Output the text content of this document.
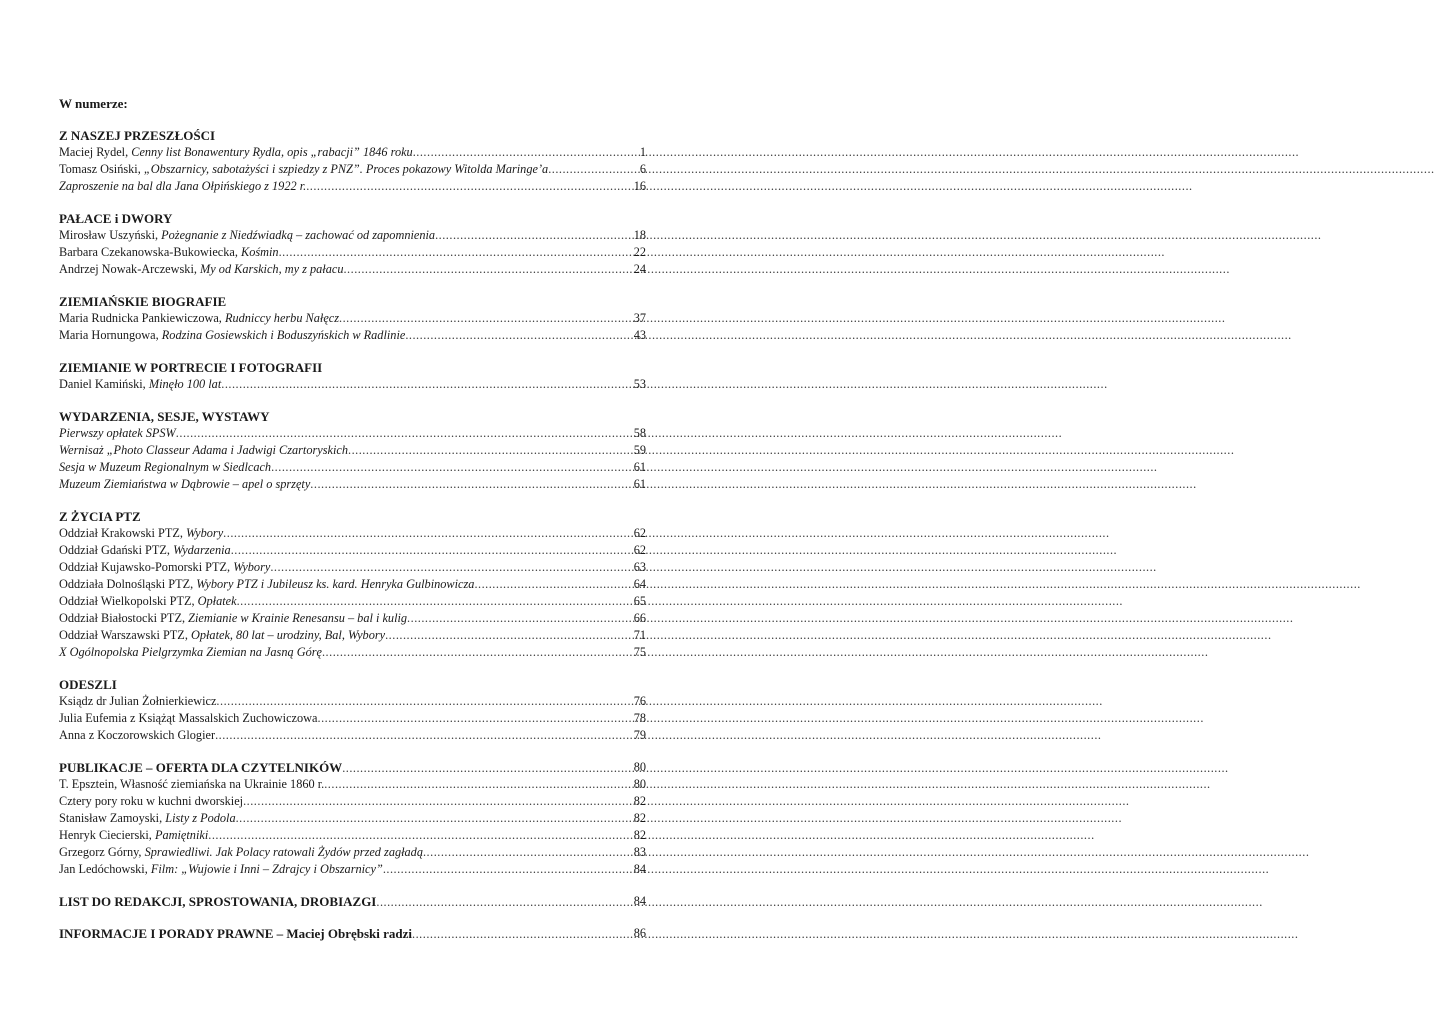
W numerze:
Z NASZEJ PRZESZŁOŚCI
Maciej Rydel, Cenny list Bonawentury Rydla, opis „rabacji” 1846 roku .....	1
Tomasz Osiński, „Obszarnicy, sabotażyści i szpiedzy z PNZ”. Proces pokazowy Witolda Maringe’a .....	6
Zaproszenie na bal dla Jana Ołpińskiego z 1922 r. .....	16
PAŁACE i DWORY
Mirosław Uszyński, Pożegnanie z Niedźwiadką – zachować od zapomnienia .....	18
Barbara Czekanowska-Bukowiecka, Kośmin .....	22
Andrzej Nowak-Arczewski, My od Karskich, my z pałacu .....	24
ZIEMIAŃSKIE BIOGRAFIE
Maria Rudnicka Pankiewiczowa, Rudniccy herbu Nałęcz .....	37
Maria Hornungowa, Rodzina Gosiewskich i Boduszyńskich w Radlinie .....	43
ZIEMIANIE W PORTRECIE I FOTOGRAFII
Daniel Kamiński, Minęło 100 lat .....	53
WYDARZENIA, SESJE, WYSTAWY
Pierwszy opłatek SPSW .....	58
Wernisaż „Photo Classeur Adama i Jadwigi Czartoryskich .....	59
Sesja w Muzeum Regionalnym w Siedlcach .....	61
Muzeum Ziemiaństwa w Dąbrowie – apel o sprzęty .....	61
Z ŻYCIA PTZ
Oddział Krakowski PTZ, Wybory .....	62
Oddział Gdański PTZ, Wydarzenia .....	62
Oddział Kujawsko-Pomorski PTZ, Wybory .....	63
Oddziała Dolnośląski PTZ, Wybory PTZ i Jubileusz ks. kard. Henryka Gulbinowicza .....	64
Oddział Wielkopolski PTZ, Opłatek .....	65
Oddział Białostocki PTZ, Ziemianie w Krainie Renesansu – bal i kulig .....	66
Oddział Warszawski PTZ, Opłatek, 80 lat – urodziny, Bal, Wybory .....	71
X Ogólnopolska Pielgrzymka Ziemian na Jasną Górę .....	75
ODESZLI
Ksiądz dr Julian Żołnierkiewicz .....	76
Julia Eufemia z Książąt Massalskich Zuchowiczowa .....	78
Anna z Koczorowskich Glogier .....	79
PUBLIKACJE – OFERTA DLA CZYTELNIKÓW .....	80
T. Epsztein, Własność ziemiańska na Ukrainie 1860 r. .....	80
Cztery pory roku w kuchni dworskiej .....	82
Stanisław Zamoyski, Listy z Podola .....	82
Henryk Ciecierski, Pamiętniki .....	82
Grzegorz Górny, Sprawiedliwi. Jak Polacy ratowali Żydów przed zagładą .....	83
Jan Ledóchowski, Film: „Wujowie i Inni – Zdrajcy i Obszarnicy” .....	84
LIST DO REDAKCJI, SPROSTOWANIA, DROBIAZGI .....	84
INFORMACJE I PORADY PRAWNE – Maciej Obrębski radzi .....	86
